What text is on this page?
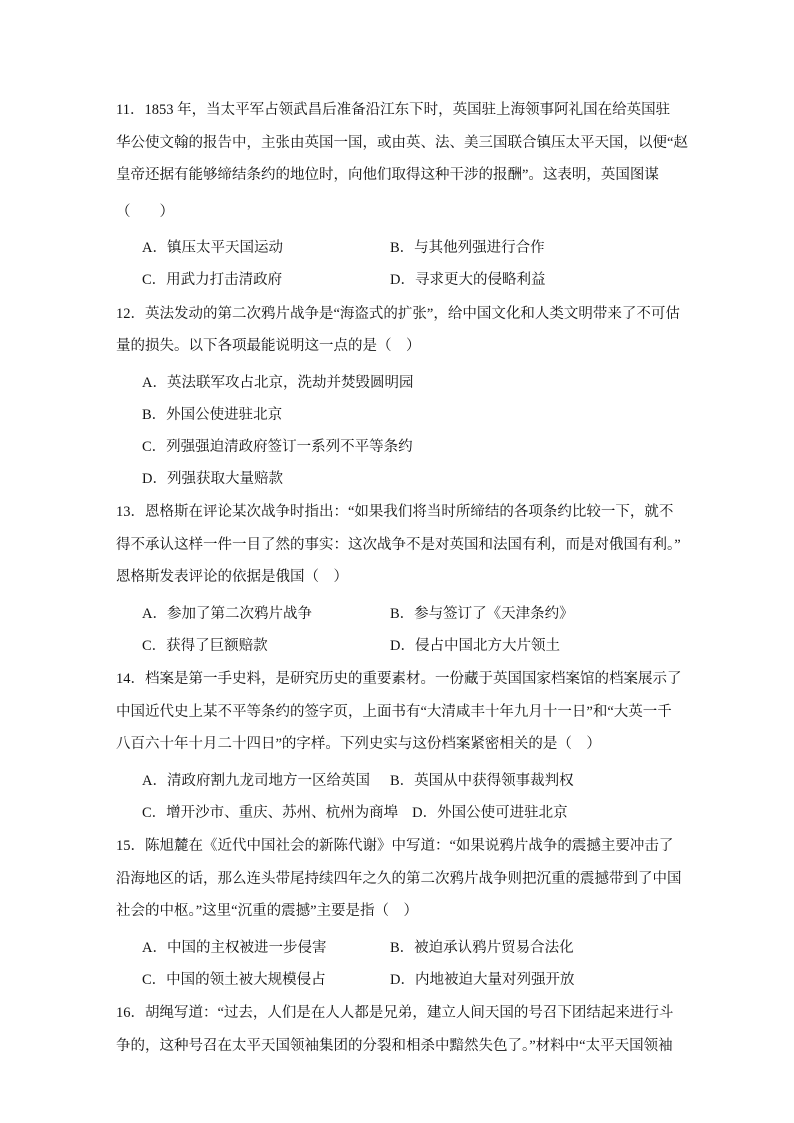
11．1853 年，当太平军占领武昌后准备沿江东下时，英国驻上海领事阿礼国在给英国驻
华公使文翰的报告中，主张由英国一国，或由英、法、美三国联合镇压太平天国，以便“赵
皇帝还据有能够缔结条约的地位时，向他们取得这种干涉的报酬”。这表明，英国图谋
（　　）
A．镇压太平天国运动	B．与其他列强进行合作
C．用武力打击清政府	D．寻求更大的侵略利益
12．英法发动的第二次鸦片战争是“海盗式的扩张”，给中国文化和人类文明带来了不可估
量的损失。以下各项最能说明这一点的是（　）
A．英法联军攻占北京，洗劫并焚毁圆明园
B．外国公使进驻北京
C．列强强迫清政府签订一系列不平等条约
D．列强获取大量赔款
13．恩格斯在评论某次战争时指出：“如果我们将当时所缔结的各项条约比较一下，就不
得不承认这样一件一目了然的事实：这次战争不是对英国和法国有利，而是对俄国有利。”
恩格斯发表评论的依据是俄国（　）
A．参加了第二次鸦片战争	B．参与签订了《天津条约》
C．获得了巨额赔款	D．侵占中国北方大片领土
14．档案是第一手史料，是研究历史的重要素材。一份藏于英国国家档案馆的档案展示了
中国近代史上某不平等条约的签字页，上面书有“大清咸丰十年九月十一日”和“大英一千
八百六十年十月二十四日”的字样。下列史实与这份档案紧密相关的是（　）
A．清政府割九龙司地方一区给英国 B．英国从中获得领事裁判权
C．增开沙市、重庆、苏州、杭州为商埠 D．外国公使可进驻北京
15．陈旭麓在《近代中国社会的新陈代谢》中写道：“如果说鸦片战争的震撼主要冲击了
沿海地区的话，那么连头带尾持续四年之久的第二次鸦片战争则把沉重的震撼带到了中国
社会的中枢。”这里“沉重的震撼”主要是指（　）
A．中国的主权被进一步侵害	B．被迫承认鸦片贸易合法化
C．中国的领土被大规模侵占	D．内地被迫大量对列强开放
16．胡绳写道：“过去，人们是在人人都是兄弟，建立人间天国的号召下团结起来进行斗
争的，这种号召在太平天国领袖集团的分裂和相杀中黯然失色了。”材料中“太平天国领袖
